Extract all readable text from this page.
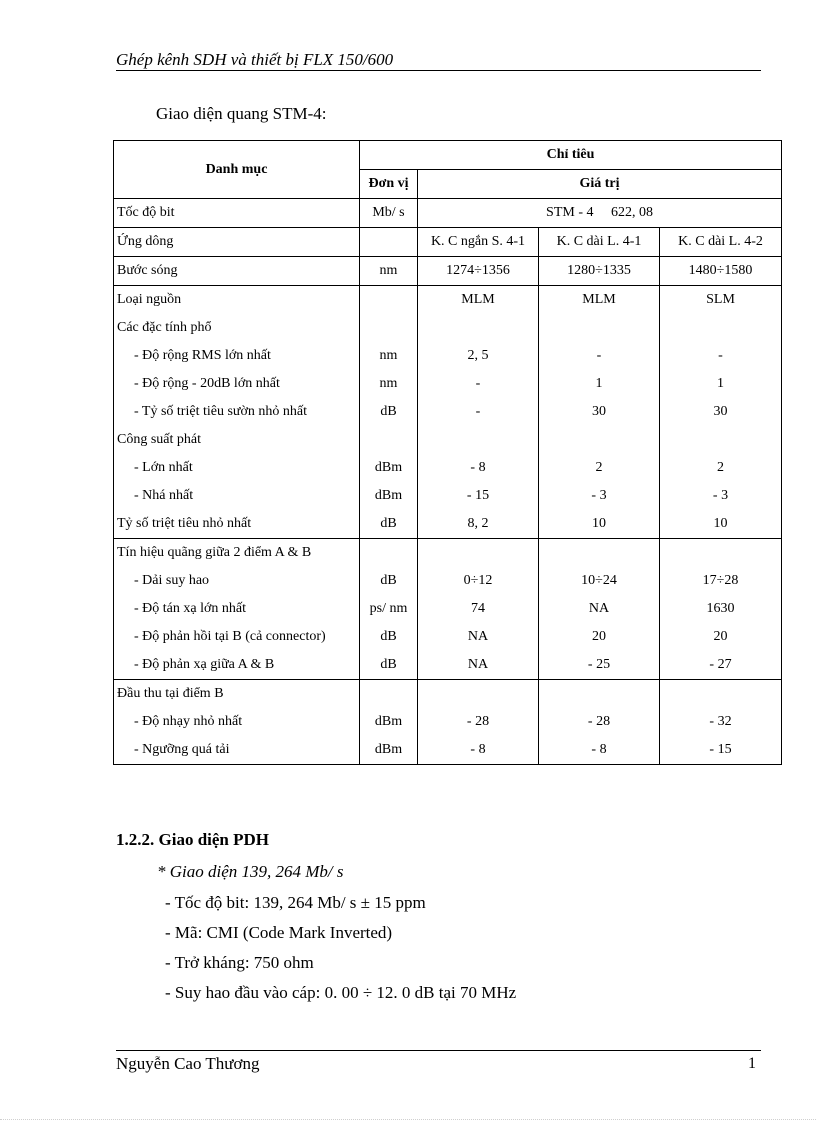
Ghép kênh SDH và thiết bị FLX 150/600
Giao diện quang STM-4:
Danh mục	Chỉ tiêu			
	Đơn vị	Giá trị		
Tốc độ bit	Mb/ s	STM - 4     622, 08		
Ứng dông		K. C ngắn S. 4-1	K. C dài L. 4-1	K. C dài L. 4-2
Bước sóng	nm	1274÷1356	1280÷1335	1480÷1580
Loại nguồn		MLM	MLM	SLM
Các đặc tính phổ				
- Độ rộng RMS lớn nhất	nm	2, 5	-	-
- Độ rộng - 20dB lớn nhất	nm	-	1	1
- Tỷ số triệt tiêu sườn nhỏ nhất	dB	-	30	30
Công suất phát				
- Lớn nhất	dBm	- 8	2	2
- Nhá nhất	dBm	- 15	- 3	- 3
Tỷ số triệt tiêu nhỏ nhất	dB	8, 2	10	10
Tín hiệu quãng giữa 2 điểm A & B				
- Dải suy hao	dB	0÷12	10÷24	17÷28
- Độ tán xạ lớn nhất	ps/ nm	74	NA	1630
- Độ phản hồi tại B (cả connector)	dB	NA	20	20
- Độ phản xạ giữa A & B	dB	NA	- 25	- 27
Đầu thu tại điểm B				
- Độ nhạy nhỏ nhất	dBm	- 28	- 28	- 32
- Ngưỡng quá tải	dBm	- 8	- 8	- 15
1.2.2. Giao diện PDH
* Giao diện 139, 264 Mb/ s
- Tốc độ bit: 139, 264 Mb/ s ± 15 ppm
- Mã: CMI (Code Mark Inverted)
- Trở kháng: 750 ohm
- Suy hao đầu vào cáp: 0. 00 ÷ 12. 0 dB tại 70 MHz
Nguyễn Cao Thương	1
